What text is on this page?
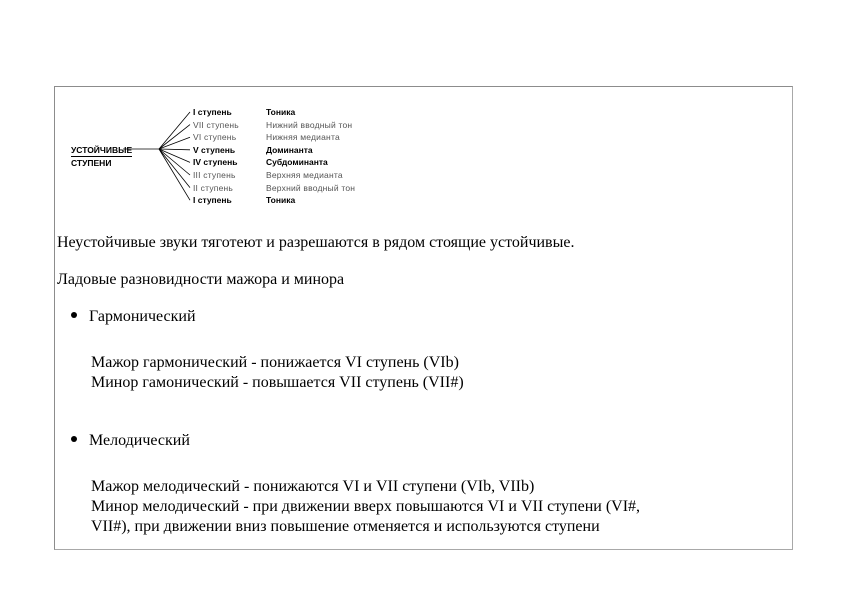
УСТОЙЧИВЫЕ
СТУПЕНИ
I ступень	Тоника
VII ступень	Нижний вводный тон
VI ступень	Нижняя медианта
V ступень	Доминанта
IV ступень	Субдоминанта
III ступень	Верхняя медианта
II ступень	Верхний вводный тон
I ступень	Тоника
Неустойчивые звуки тяготеют и разрешаются в рядом стоящие устойчивые.
Ладовые разновидности мажора и минора
Гармонический
Мажор гармонический - понижается VI ступень (VIb)
Минор гамонический - повышается VII ступень (VII#)
Мелодический
Мажор мелодический - понижаются VI и VII ступени (VIb, VIIb)
Минор мелодический - при движении вверх повышаются VI и VII ступени (VI#,
VII#), при движении вниз повышение отменяется и используются ступени
